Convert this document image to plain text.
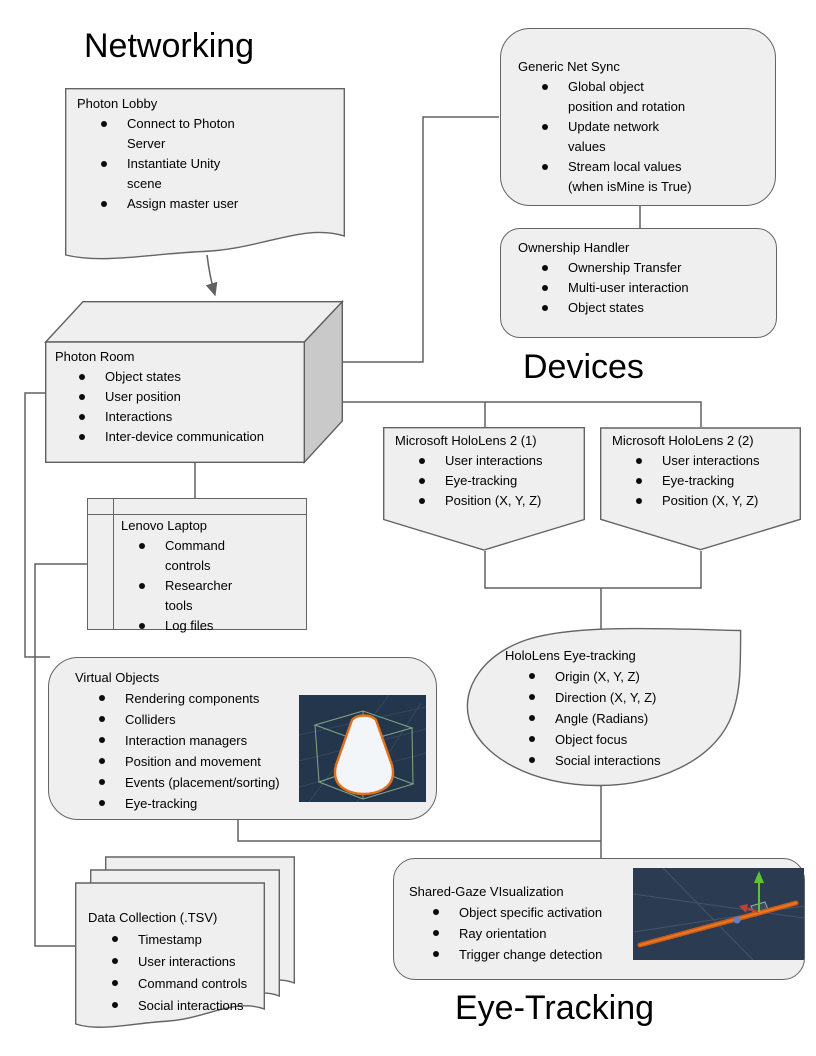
Networking
Devices
Eye-Tracking
Photon Lobby
Connect to Photon Server
Instantiate Unity scene
Assign master user
Generic Net Sync
Global object position and rotation
Update network values
Stream local values (when isMine is True)
Ownership Handler
Ownership Transfer
Multi-user interaction
Object states
Photon Room
Object states
User position
Interactions
Inter-device communication	Microsoft HoloLens 2 (1)
User interactions
Eye-tracking
Position (X, Y, Z)
Microsoft HoloLens 2 (2)
User interactions
Eye-tracking
Position (X, Y, Z)
Lenovo Laptop
Command controls
Researcher tools
Log files
Virtual Objects
Rendering components
Colliders
Interaction managers
Position and movement
Events (placement/sorting)
Eye-tracking
HoloLens Eye-tracking
Origin (X, Y, Z)
Direction (X, Y, Z)
Angle (Radians)
Object focus
Social interactions
Data Collection (.TSV)
Timestamp
User interactions
Command controls
Social interactions
Shared-Gaze VIsualization
Object specific activation
Ray orientation
Trigger change detection
